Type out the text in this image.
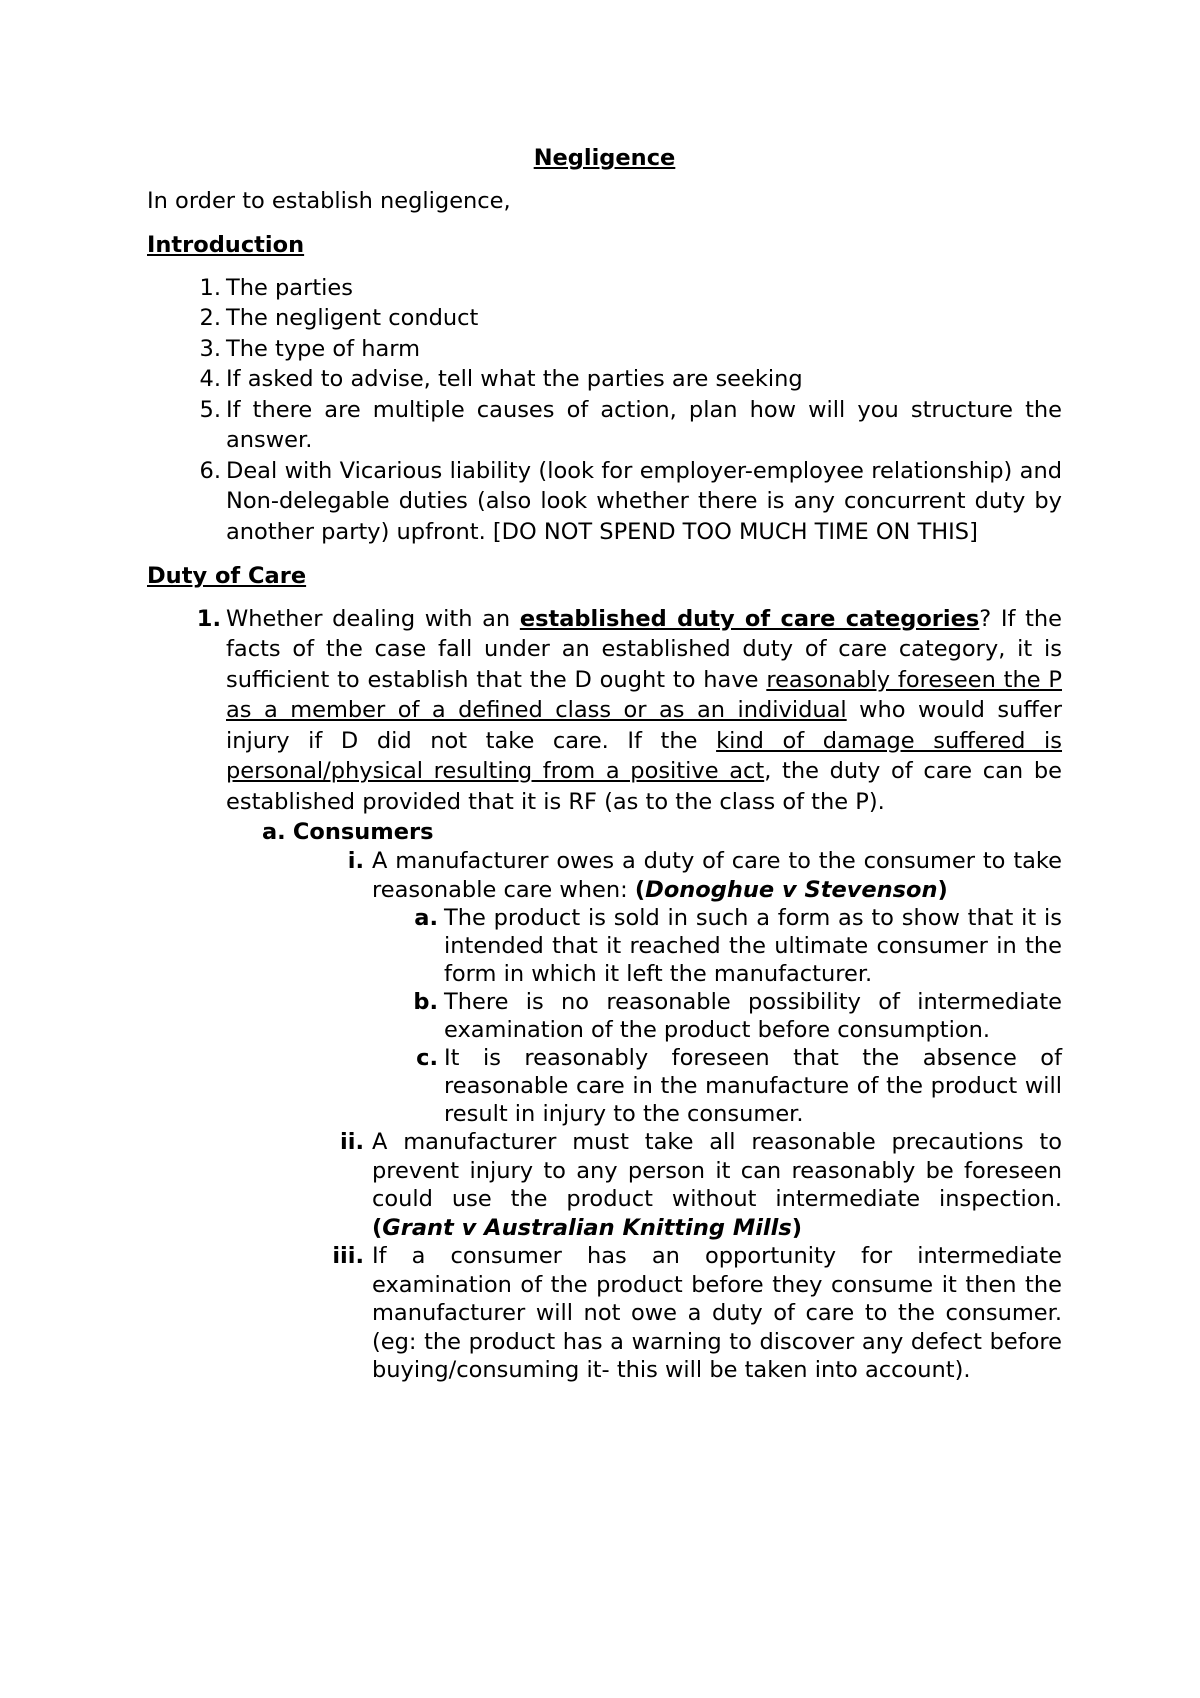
Negligence

In order to establish negligence,

Introduction

1. The parties
2. The negligent conduct
3. The type of harm
4. If asked to advise, tell what the parties are seeking
5. If there are multiple causes of action, plan how will you structure the answer.
6. Deal with Vicarious liability (look for employer-employee relationship) and Non-delegable duties (also look whether there is any concurrent duty by another party) upfront. [DO NOT SPEND TOO MUCH TIME ON THIS]

Duty of Care

1. Whether dealing with an established duty of care categories? If the facts of the case fall under an established duty of care category, it is sufficient to establish that the D ought to have reasonably foreseen the P as a member of a defined class or as an individual who would suffer injury if D did not take care. If the kind of damage suffered is personal/physical resulting from a positive act, the duty of care can be established provided that it is RF (as to the class of the P).
a. Consumers
i. A manufacturer owes a duty of care to the consumer to take reasonable care when: (Donoghue v Stevenson)
a. The product is sold in such a form as to show that it is intended that it reached the ultimate consumer in the form in which it left the manufacturer.
b. There is no reasonable possibility of intermediate examination of the product before consumption.
c. It is reasonably foreseen that the absence of reasonable care in the manufacture of the product will result in injury to the consumer.
ii. A manufacturer must take all reasonable precautions to prevent injury to any person it can reasonably be foreseen could use the product without intermediate inspection. (Grant v Australian Knitting Mills)
iii. If a consumer has an opportunity for intermediate examination of the product before they consume it then the manufacturer will not owe a duty of care to the consumer. (eg: the product has a warning to discover any defect before buying/consuming it- this will be taken into account).
